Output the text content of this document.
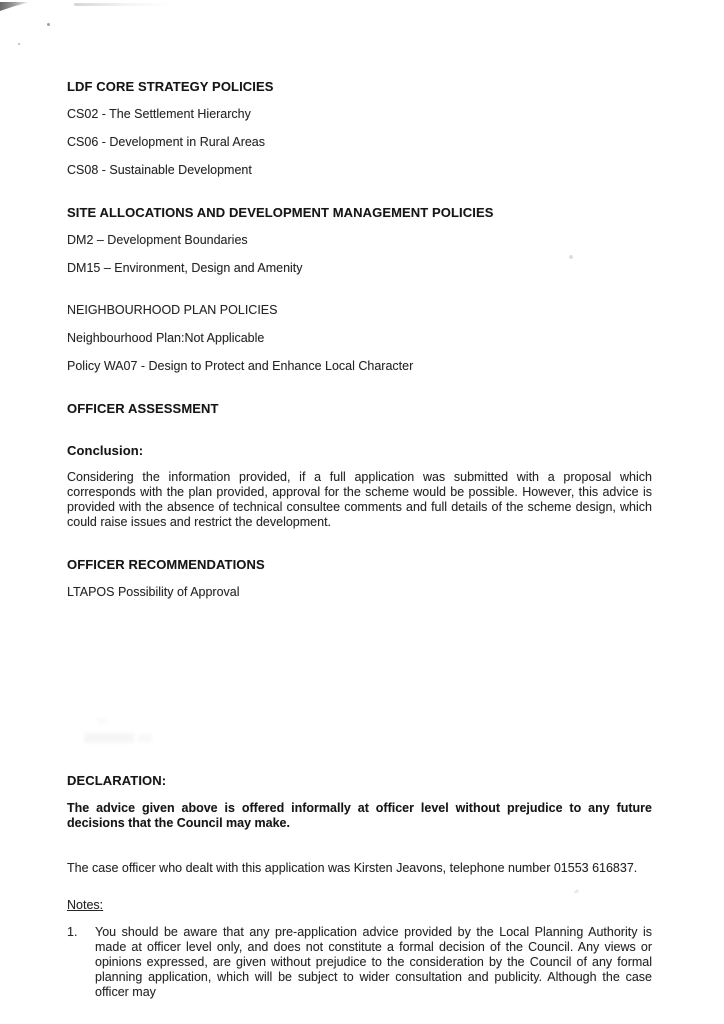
LDF CORE STRATEGY POLICIES
CS02 - The Settlement Hierarchy
CS06 - Development in Rural Areas
CS08 - Sustainable Development
SITE ALLOCATIONS AND DEVELOPMENT MANAGEMENT POLICIES
DM2 – Development Boundaries
DM15 – Environment, Design and Amenity
NEIGHBOURHOOD PLAN POLICIES
Neighbourhood Plan:Not Applicable
Policy WA07 - Design to Protect and Enhance Local Character
OFFICER ASSESSMENT
Conclusion:
Considering the information provided, if a full application was submitted with a proposal which corresponds with the plan provided, approval for the scheme would be possible. However, this advice is provided with the absence of technical consultee comments and full details of the scheme design, which could raise issues and restrict the development.
OFFICER RECOMMENDATIONS
LTAPOS Possibility of Approval
DECLARATION:
The advice given above is offered informally at officer level without prejudice to any future decisions that the Council may make.
The case officer who dealt with this application was Kirsten Jeavons, telephone number 01553 616837.
Notes:
1.	You should be aware that any pre-application advice provided by the Local Planning Authority is made at officer level only, and does not constitute a formal decision of the Council. Any views or opinions expressed, are given without prejudice to the consideration by the Council of any formal planning application, which will be subject to wider consultation and publicity. Although the case officer may
